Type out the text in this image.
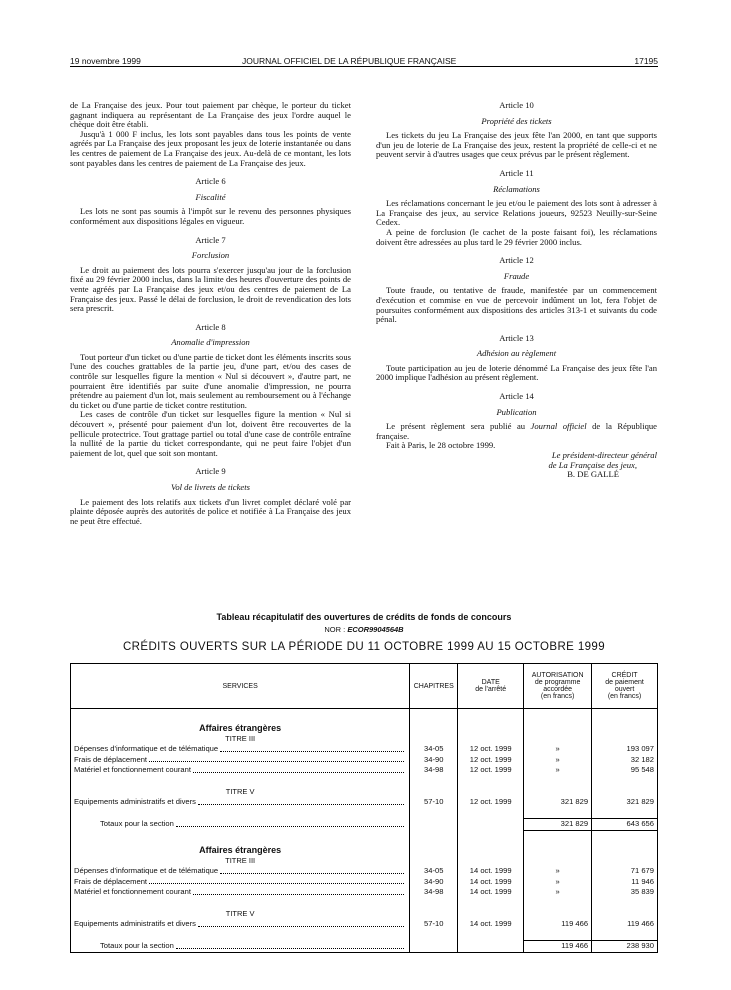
19 novembre 1999	JOURNAL OFFICIEL DE LA RÉPUBLIQUE FRANÇAISE	17195

de La Française des jeux. Pour tout paiement par chèque, le porteur du ticket gagnant indiquera au représentant de La Française des jeux l'ordre auquel le chèque doit être établi.

Jusqu'à 1 000 F inclus, les lots sont payables dans tous les points de vente agréés par La Française des jeux proposant les jeux de loterie instantanée ou dans les centres de paiement de La Française des jeux. Au-delà de ce montant, les lots sont payables dans les centres de paiement de La Française des jeux.

Article 6

Fiscalité

Les lots ne sont pas soumis à l'impôt sur le revenu des personnes physiques conformément aux dispositions légales en vigueur.

Article 7

Forclusion

Le droit au paiement des lots pourra s'exercer jusqu'au jour de la forclusion fixé au 29 février 2000 inclus, dans la limite des heures d'ouverture des points de vente agréés par La Française des jeux et/ou des centres de paiement de La Française des jeux. Passé le délai de forclusion, le droit de revendication des lots sera prescrit.

Article 8

Anomalie d'impression

Tout porteur d'un ticket ou d'une partie de ticket dont les éléments inscrits sous l'une des couches grattables de la partie jeu, d'une part, et/ou des cases de contrôle sur lesquelles figure la mention « Nul si découvert », d'autre part, ne pourraient être identifiés par suite d'une anomalie d'impression, ne pourra prétendre au paiement d'un lot, mais seulement au remboursement ou à l'échange du ticket ou d'une partie de ticket contre restitution.

Les cases de contrôle d'un ticket sur lesquelles figure la mention « Nul si découvert », présenté pour paiement d'un lot, doivent être recouvertes de la pellicule protectrice. Tout grattage partiel ou total d'une case de contrôle entraîne la nullité de la partie du ticket correspondante, qui ne peut faire l'objet d'un paiement de lot, quel que soit son montant.

Article 9

Vol de livrets de tickets

Le paiement des lots relatifs aux tickets d'un livret complet déclaré volé par plainte déposée auprès des autorités de police et notifiée à La Française des jeux ne peut être effectué.

Article 10

Propriété des tickets

Les tickets du jeu La Française des jeux fête l'an 2000, en tant que supports d'un jeu de loterie de La Française des jeux, restent la propriété de celle-ci et ne peuvent servir à d'autres usages que ceux prévus par le présent règlement.

Article 11

Réclamations

Les réclamations concernant le jeu et/ou le paiement des lots sont à adresser à La Française des jeux, au service Relations joueurs, 92523 Neuilly-sur-Seine Cedex.

A peine de forclusion (le cachet de la poste faisant foi), les réclamations doivent être adressées au plus tard le 29 février 2000 inclus.

Article 12

Fraude

Toute fraude, ou tentative de fraude, manifestée par un commencement d'exécution et commise en vue de percevoir indûment un lot, fera l'objet de poursuites conformément aux dispositions des articles 313-1 et suivants du code pénal.

Article 13

Adhésion au règlement

Toute participation au jeu de loterie dénommé La Française des jeux fête l'an 2000 implique l'adhésion au présent règlement.

Article 14

Publication

Le présent règlement sera publié au Journal officiel de la République française.

Fait à Paris, le 28 octobre 1999.

Le président-directeur général

de La Française des jeux,

B. DE GALLÉ

Tableau récapitulatif des ouvertures de crédits de fonds de concours
NOR : ECOR9904564B
CRÉDITS OUVERTS SUR LA PÉRIODE DU 11 OCTOBRE 1999 AU 15 OCTOBRE 1999
SERVICES	CHAPITRES	DATE
de l'arrêté	AUTORISATION
de programme
accordée
(en francs)	CRÉDIT
de paiement
ouvert
(en francs)

Affaires étrangères				
TITRE III				

Dépenses d'informatique et de télématique	34-05	12 oct. 1999	»	193 097

Frais de déplacement	34-90	12 oct. 1999	»	32 182

Matériel et fonctionnement courant	34-98	12 oct. 1999	»	95 548

TITRE V				

Equipements administratifs et divers	57-10	12 oct. 1999	321 829	321 829

Totaux pour la section			321 829	643 656

Affaires étrangères				
TITRE III				

Dépenses d'informatique et de télématique	34-05	14 oct. 1999	»	71 679

Frais de déplacement	34-90	14 oct. 1999	»	11 946

Matériel et fonctionnement courant	34-98	14 oct. 1999	»	35 839

TITRE V				

Equipements administratifs et divers	57-10	14 oct. 1999	119 466	119 466

Totaux pour la section			119 466	238 930
